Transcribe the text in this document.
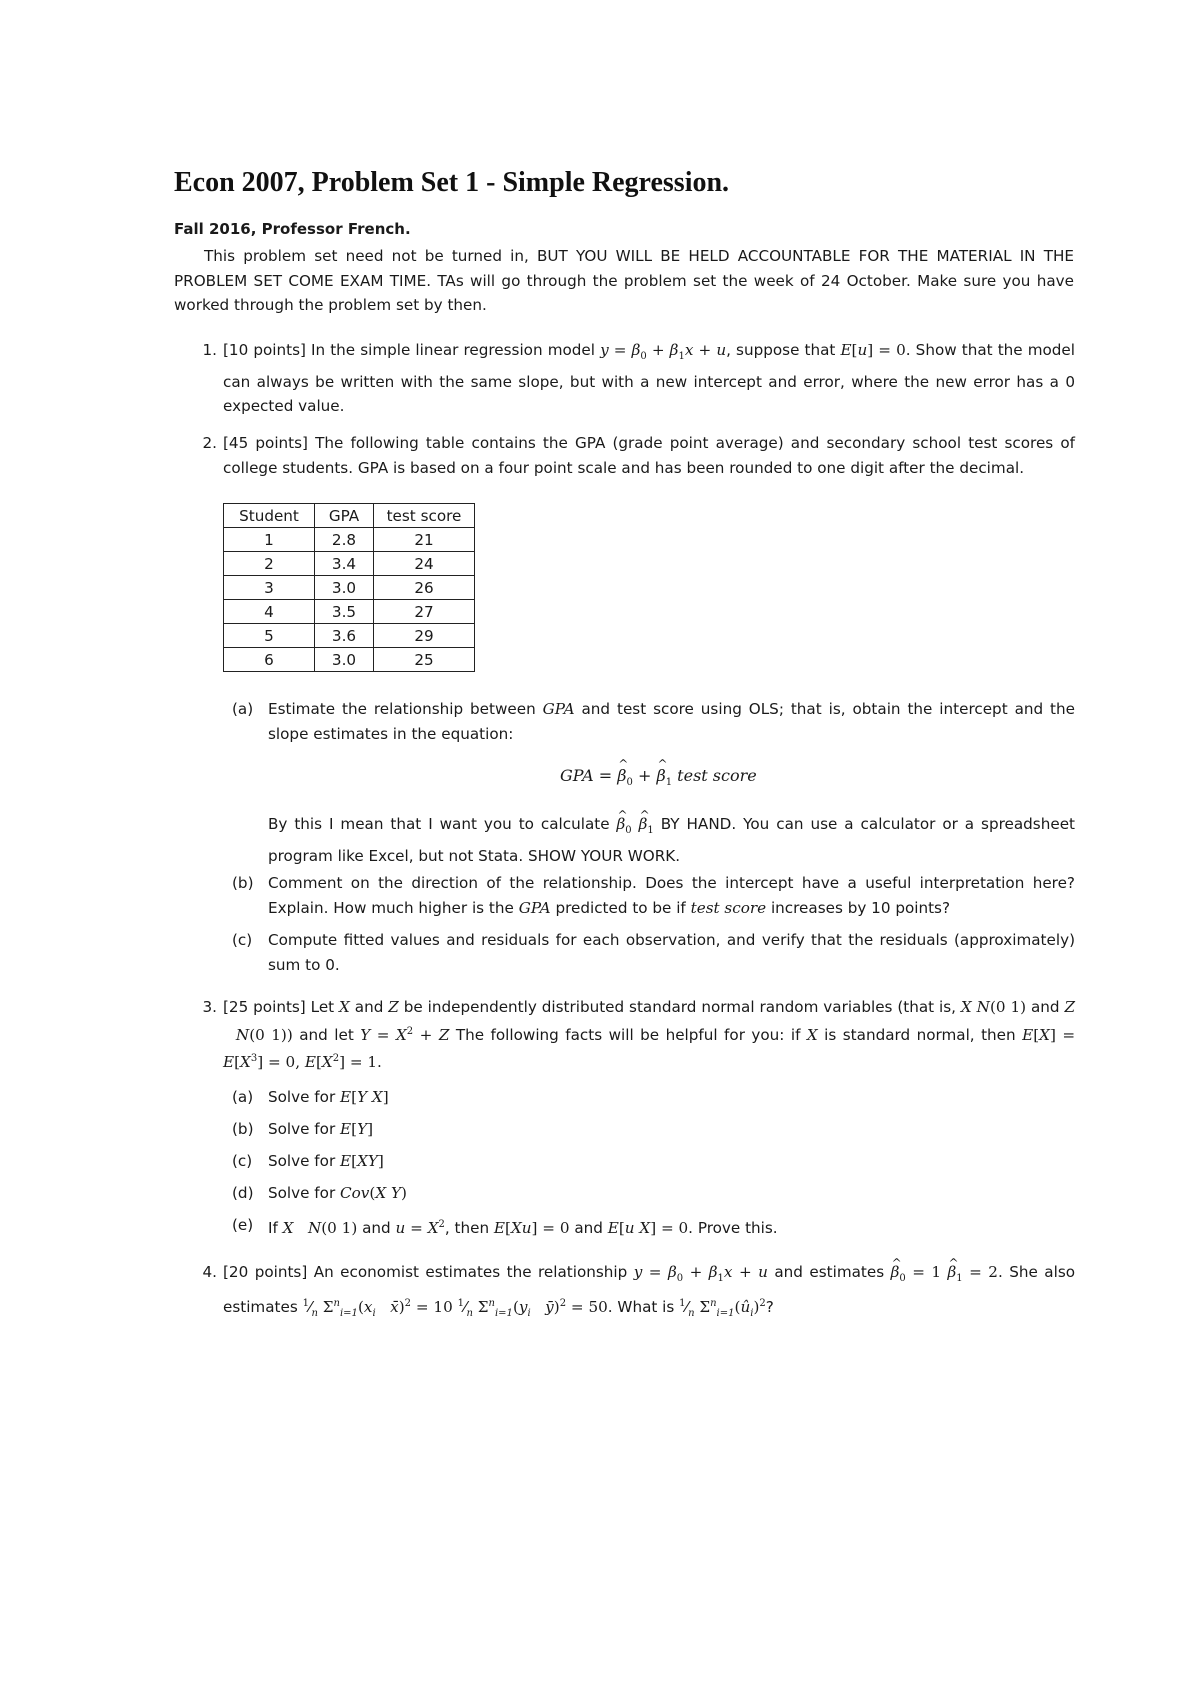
Econ 2007, Problem Set 1 - Simple Regression.
Fall 2016, Professor French.
This problem set need not be turned in, BUT YOU WILL BE HELD ACCOUNTABLE FOR THE MATERIAL IN THE PROBLEM SET COME EXAM TIME. TAs will go through the problem set the week of 24 October. Make sure you have worked through the problem set by then.
1. [10 points] In the simple linear regression model $y = \beta_0 + \beta_1x + u$, suppose that E[u] = 0. Show that the model can always be written with the same slope, but with a new intercept and error, where the new error has a 0 expected value.
2. [45 points] The following table contains the GPA (grade point average) and secondary school test scores of college students. GPA is based on a four point scale and has been rounded to one digit after the decimal.
Student	GPA	test score
1	2.8	21
2	3.4	24
3	3.0	26
4	3.5	27
5	3.6	29
6	3.0	25
(a) Estimate the relationship between GPA and test score using OLS; that is, obtain the intercept and the slope estimates in the equation:
GPA = ^ $\beta_0$ + ^ $\beta_1$ test score
By this I mean that I want you to calculate ^ $\beta_0$ ^ $\beta_1$ BY HAND. You can use a calculator or a spreadsheet program like Excel, but not Stata. SHOW YOUR WORK.
(b) Comment on the direction of the relationship. Does the intercept have a useful interpretation here? Explain. How much higher is the GPA predicted to be if test score increases by 10 points?
(c)	Compute fitted values and residuals for each observation, and verify that the residuals (approximately) sum to 0.
3. [25 points] Let X and Z be independently distributed standard normal random variables (that is, X N(0 1) and Z   N(0 1)) and let $Y = X^2 + Z$ The following facts will be helpful for you: if X is standard normal, then $E[X] = E[X^3] = 0$, $E[X^2] = 1$.
(a) Solve for E[Y X]
(b) Solve for E[Y]
(c)	Solve for E[XY]
(d) Solve for Cov(X Y)
(e) If X N(0 1) and $u = X^2$, then E[Xu] = 0 and E[u X] = 0. Prove this.
4. [20 points] An economist estimates the relationship $y = \beta_0 + \beta_1x + u$ and estimates ^ $\beta_0 = 1$ ^ $\beta_1 = 2$. She also estimates $^1⁄_n$ $\Sigma^n_{i=1}(x_i$ x̄)$^2$ = 10 $^1⁄_n$ $\Sigma^n_{i=1}(y_i$ ȳ)$^2$ = 50. What is $^1⁄_n$ $\Sigma^n_{i=1}(û_i)^2$?
